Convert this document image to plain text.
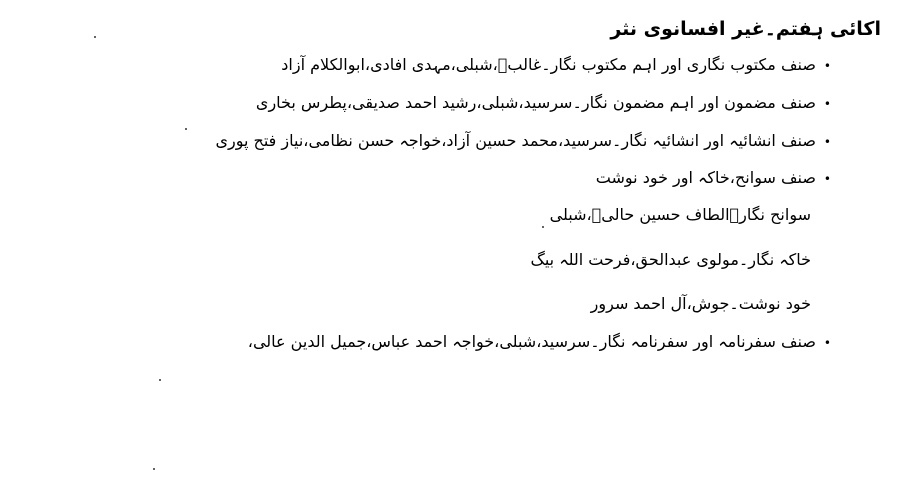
اکائی ہفتم۔غیر افسانوی نثر
•صنف مکتوب نگاری اور اہم مکتوب نگار۔غالبؔ،شبلی،مہدی افادی،ابوالکلام آزاد
•صنف مضمون اور اہم مضمون نگار۔سرسید،شبلی،رشید احمد صدیقی،پطرس بخاری
•صنف انشائیہ اور انشائیہ نگار۔سرسید،محمد حسین آزاد،خواجہ حسن نظامی،نیاز فتح پوری
•صنف سوانح،خاکہ اور خود نوشت
سوانح نگار۔الطاف حسین حالیؔ،شبلی
خاکہ نگار۔مولوی عبدالحق،فرحت اللہ بیگ
خود نوشت۔جوش،آل احمد سرور
•صنف سفرنامہ اور سفرنامہ نگار۔سرسید،شبلی،خواجہ احمد عباس،جمیل الدین عالی،
